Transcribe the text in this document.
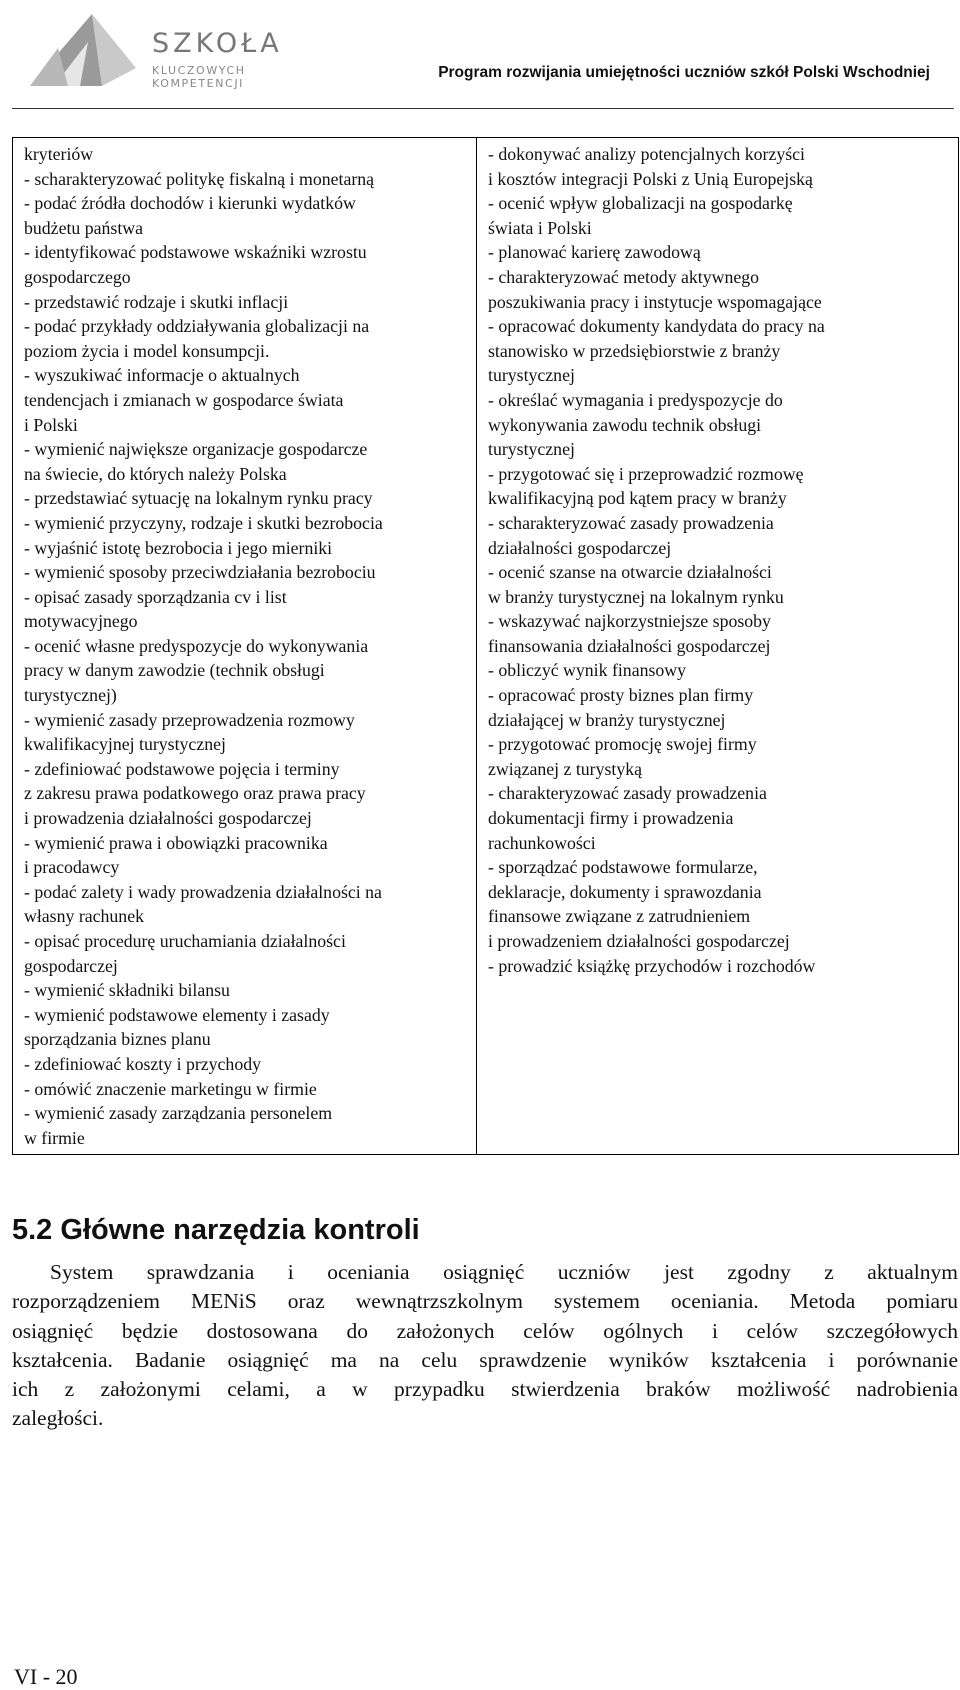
SZKOŁA
KLUCZOWYCH KOMPETENCJI
Program rozwijania umiejętności uczniów szkół Polski Wschodniej
kryteriów
- scharakteryzować politykę fiskalną i monetarną
- podać źródła dochodów i kierunki wydatków
budżetu państwa
- identyfikować podstawowe wskaźniki wzrostu
gospodarczego
- przedstawić rodzaje i skutki inflacji
- podać przykłady oddziaływania globalizacji na
poziom życia i model konsumpcji.
- wyszukiwać informacje o aktualnych
tendencjach i zmianach w gospodarce świata
i Polski
- wymienić największe organizacje gospodarcze
na świecie, do których należy Polska
- przedstawiać sytuację na lokalnym rynku pracy
- wymienić przyczyny, rodzaje i skutki bezrobocia
- wyjaśnić istotę bezrobocia i jego mierniki
- wymienić sposoby przeciwdziałania bezrobociu
- opisać zasady sporządzania cv i list
motywacyjnego
- ocenić własne predyspozycje do wykonywania
pracy w danym zawodzie (technik obsługi
turystycznej)
- wymienić zasady przeprowadzenia rozmowy
kwalifikacyjnej turystycznej
- zdefiniować podstawowe pojęcia i terminy
z zakresu prawa podatkowego oraz prawa pracy
i prowadzenia działalności gospodarczej
- wymienić prawa i obowiązki pracownika
i pracodawcy
- podać zalety i wady prowadzenia działalności na
własny rachunek
- opisać procedurę uruchamiania działalności
gospodarczej
- wymienić składniki bilansu
- wymienić podstawowe elementy i zasady
sporządzania biznes planu
- zdefiniować koszty i przychody
- omówić znaczenie marketingu w firmie
- wymienić zasady zarządzania personelem
w firmie
- dokonywać analizy potencjalnych korzyści
i kosztów integracji Polski z Unią Europejską
- ocenić wpływ globalizacji na gospodarkę
świata i Polski
- planować karierę zawodową
- charakteryzować metody aktywnego
poszukiwania pracy i instytucje wspomagające
- opracować dokumenty kandydata do pracy na
stanowisko w przedsiębiorstwie z branży
turystycznej
- określać wymagania i predyspozycje do
wykonywania zawodu technik obsługi
turystycznej
- przygotować się i przeprowadzić rozmowę
kwalifikacyjną pod kątem pracy w branży
- scharakteryzować zasady prowadzenia
działalności gospodarczej
- ocenić szanse na otwarcie działalności
w branży turystycznej na lokalnym rynku
- wskazywać najkorzystniejsze sposoby
finansowania działalności gospodarczej
- obliczyć wynik finansowy
- opracować prosty biznes plan firmy
działającej w branży turystycznej
- przygotować promocję swojej firmy
związanej z turystyką
- charakteryzować zasady prowadzenia
dokumentacji firmy i prowadzenia
rachunkowości
- sporządzać podstawowe formularze,
deklaracje, dokumenty i sprawozdania
finansowe związane z zatrudnieniem
i prowadzeniem działalności gospodarczej
- prowadzić książkę przychodów i rozchodów
5.2 Główne narzędzia kontroli
System sprawdzania i oceniania osiągnięć uczniów jest zgodny z aktualnym
rozporządzeniem MENiS oraz wewnątrzszkolnym systemem oceniania. Metoda pomiaru
osiągnięć będzie dostosowana do założonych celów ogólnych i celów szczegółowych
kształcenia. Badanie osiągnięć ma na celu sprawdzenie wyników kształcenia i porównanie
ich z założonymi celami, a w przypadku stwierdzenia braków możliwość nadrobienia
zaległości.
VI - 20
